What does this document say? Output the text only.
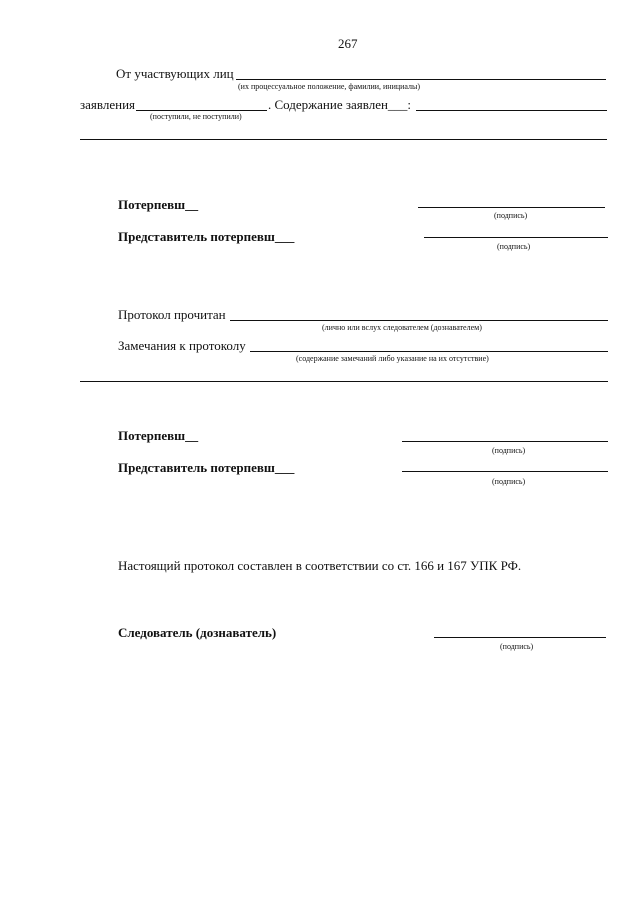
267
От участвующих лиц
(их процессуальное положение, фамилии, инициалы)
заявления
(поступили, не поступили)
. Содержание заявлен___:
Потерпевш__
(подпись)
Представитель потерпевш___
(подпись)
Протокол прочитан
(лично или вслух следователем (дознавателем)
Замечания к протоколу
(содержание замечаний либо указание на их отсутствие)
Потерпевш__
(подпись)
Представитель потерпевш___
(подпись)
Настоящий протокол составлен в соответствии со ст. 166 и 167 УПК РФ.
Следователь (дознаватель)
(подпись)
